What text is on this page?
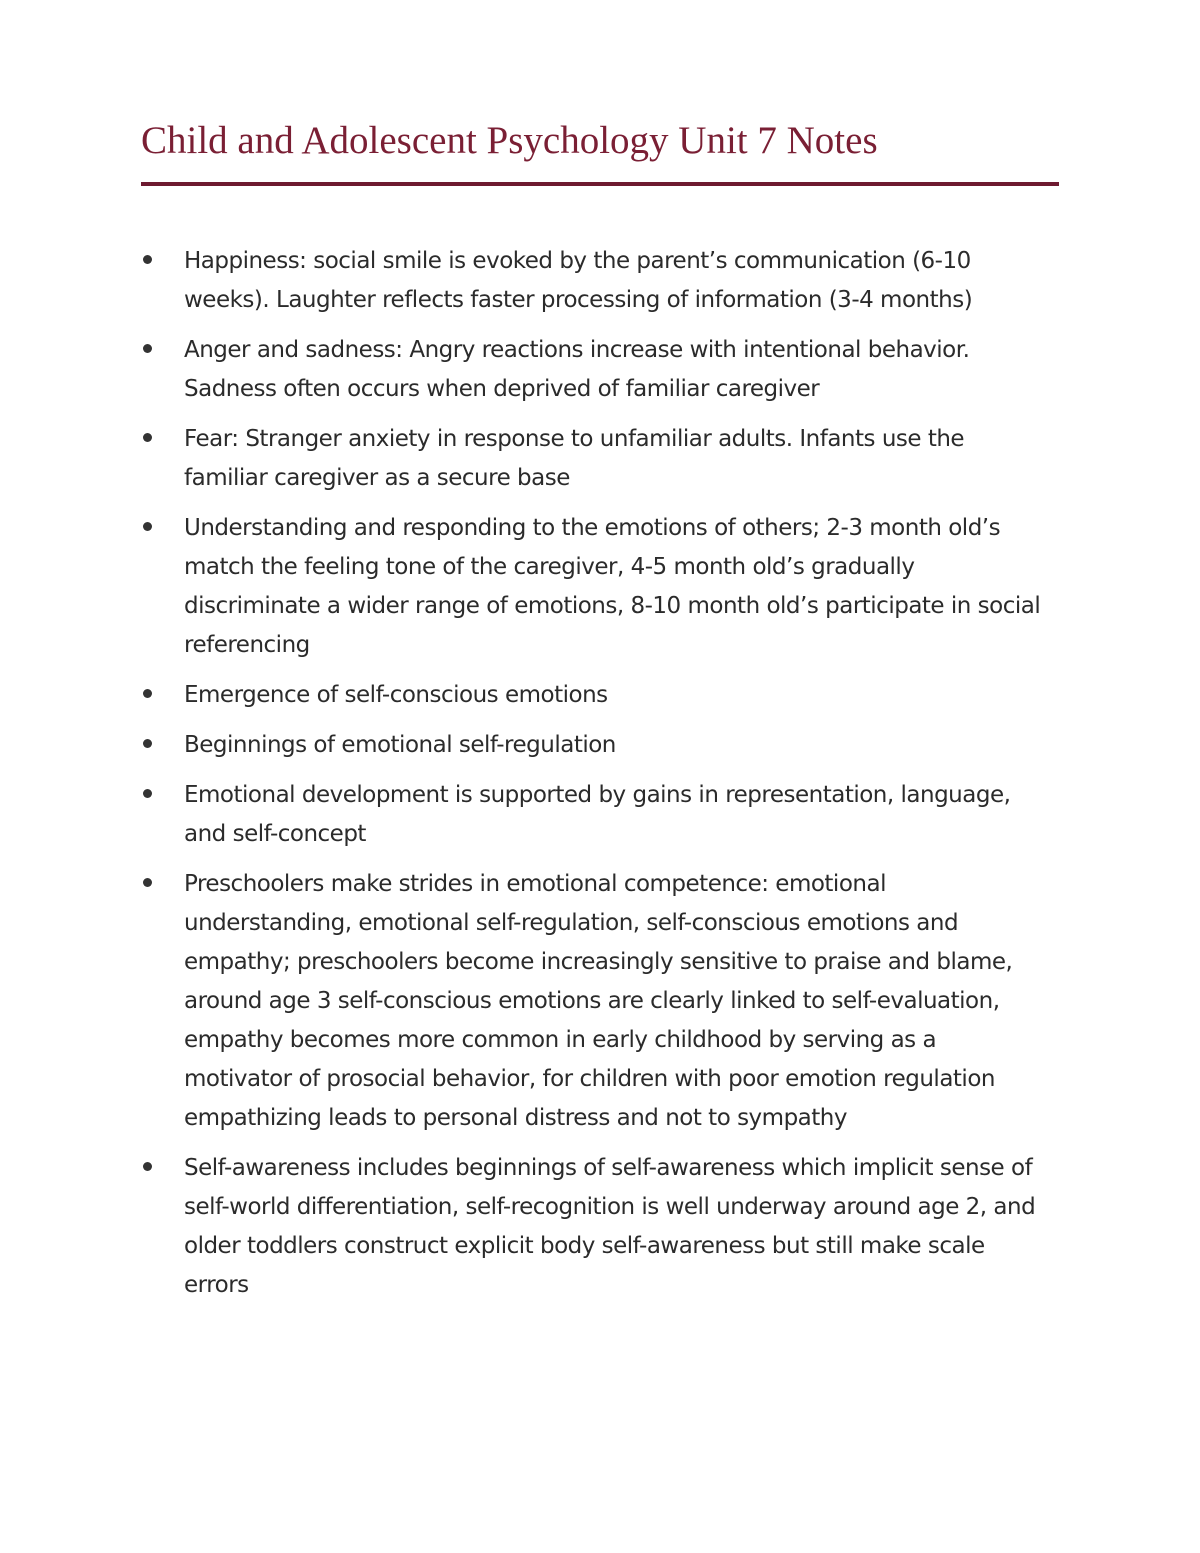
Child and Adolescent Psychology Unit 7 Notes
Happiness: social smile is evoked by the parent’s communication (6-10 weeks). Laughter reflects faster processing of information (3-4 months)
Anger and sadness: Angry reactions increase with intentional behavior. Sadness often occurs when deprived of familiar caregiver
Fear: Stranger anxiety in response to unfamiliar adults. Infants use the familiar caregiver as a secure base
Understanding and responding to the emotions of others; 2-3 month old’s match the feeling tone of the caregiver, 4-5 month old’s gradually discriminate a wider range of emotions, 8-10 month old’s participate in social referencing
Emergence of self-conscious emotions
Beginnings of emotional self-regulation
Emotional development is supported by gains in representation, language, and self-concept
Preschoolers make strides in emotional competence: emotional understanding, emotional self-regulation, self-conscious emotions and empathy; preschoolers become increasingly sensitive to praise and blame, around age 3 self-conscious emotions are clearly linked to self-evaluation, empathy becomes more common in early childhood by serving as a motivator of prosocial behavior, for children with poor emotion regulation empathizing leads to personal distress and not to sympathy
Self-awareness includes beginnings of self-awareness which implicit sense of self-world differentiation, self-recognition is well underway around age 2, and older toddlers construct explicit body self-awareness but still make scale errors
